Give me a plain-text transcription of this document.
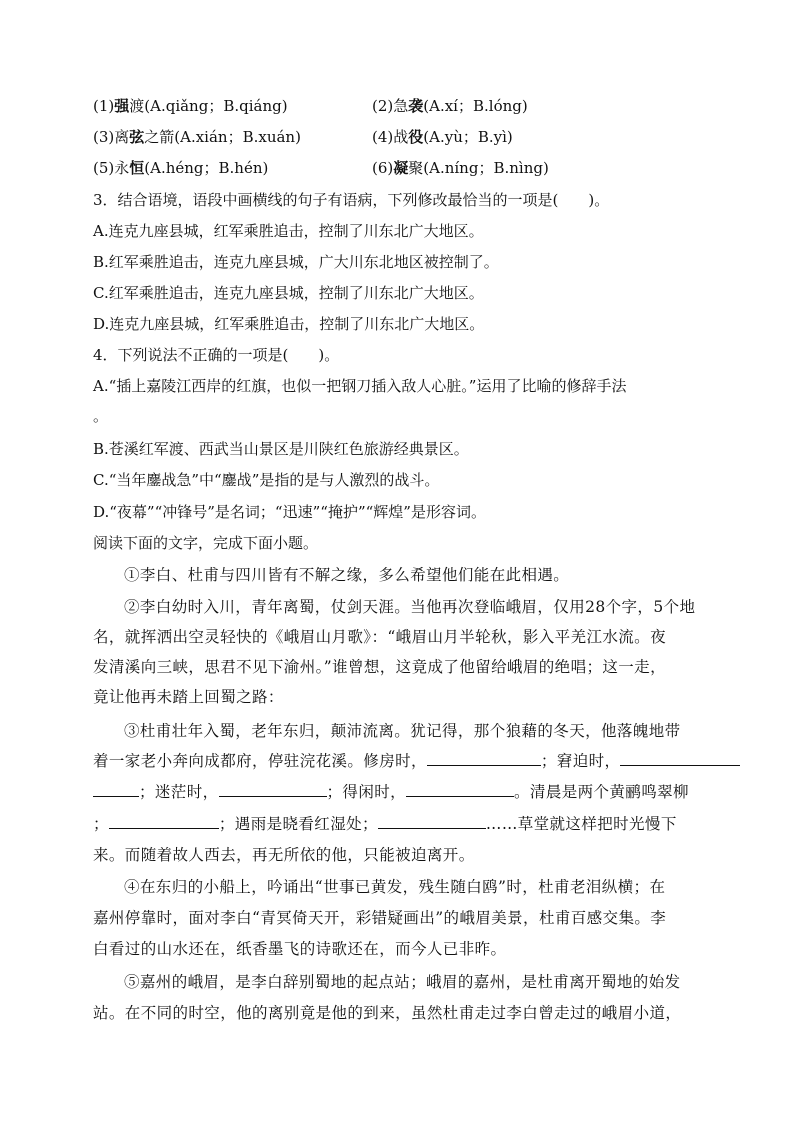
(1)强渡(A.qiǎng；B.qiáng)	(2)急袭(A.xí；B.lóng)
(3)离弦之箭(A.xián；B.xuán)	(4)战役(A.yù；B.yì)
(5)永恒(A.héng；B.hén)	(6)凝聚(A.níng；B.nìng)
3．结合语境，语段中画横线的句子有语病，下列修改最恰当的一项是(　　)。
A.连克九座县城，红军乘胜追击，控制了川东北广大地区。
B.红军乘胜追击，连克九座县城，广大川东北地区被控制了。
C.红军乘胜追击，连克九座县城，控制了川东北广大地区。
D.连克九座县城，红军乘胜追击，控制了川东北广大地区。
4．下列说法不正确的一项是(　　)。
A.“插上嘉陵江西岸的红旗，也似一把钢刀插入敌人心脏。”运用了比喻的修辞手法
。
B.苍溪红军渡、西武当山景区是川陕红色旅游经典景区。
C.“当年鏖战急”中“鏖战”是指的是与人激烈的战斗。
D.“夜幕”“冲锋号”是名词；“迅速”“掩护”“辉煌”是形容词。
阅读下面的文字，完成下面小题。
①李白、杜甫与四川皆有不解之缘，多么希望他们能在此相遇。
②李白幼时入川，青年离蜀，仗剑天涯。当他再次登临峨眉，仅用28个字，5个地
名，就挥洒出空灵轻快的《峨眉山月歌》：“峨眉山月半轮秋，影入平羌江水流。夜
发清溪向三峡，思君不见下渝州。”谁曾想，这竟成了他留给峨眉的绝唱；这一走，
竟让他再未踏上回蜀之路：
③杜甫壮年入蜀，老年东归，颠沛流离。犹记得，那个狼藉的冬天，他落魄地带
着一家老小奔向成都府，停驻浣花溪。修房时，	；窘迫时，
；迷茫时，	；得闲时，	。清晨是两个黄鹂鸣翠柳
；	；遇雨是晓看红湿处；	……草堂就这样把时光慢下
来。而随着故人西去，再无所依的他，只能被迫离开。
④在东归的小船上，吟诵出“世事已黄发，残生随白鸥”时，杜甫老泪纵横；在
嘉州停靠时，面对李白“青冥倚天开，彩错疑画出”的峨眉美景，杜甫百感交集。李
白看过的山水还在，纸香墨飞的诗歌还在，而今人已非昨。
⑤嘉州的峨眉，是李白辞别蜀地的起点站；峨眉的嘉州，是杜甫离开蜀地的始发
站。在不同的时空，他的离别竟是他的到来，虽然杜甫走过李白曾走过的峨眉小道，
